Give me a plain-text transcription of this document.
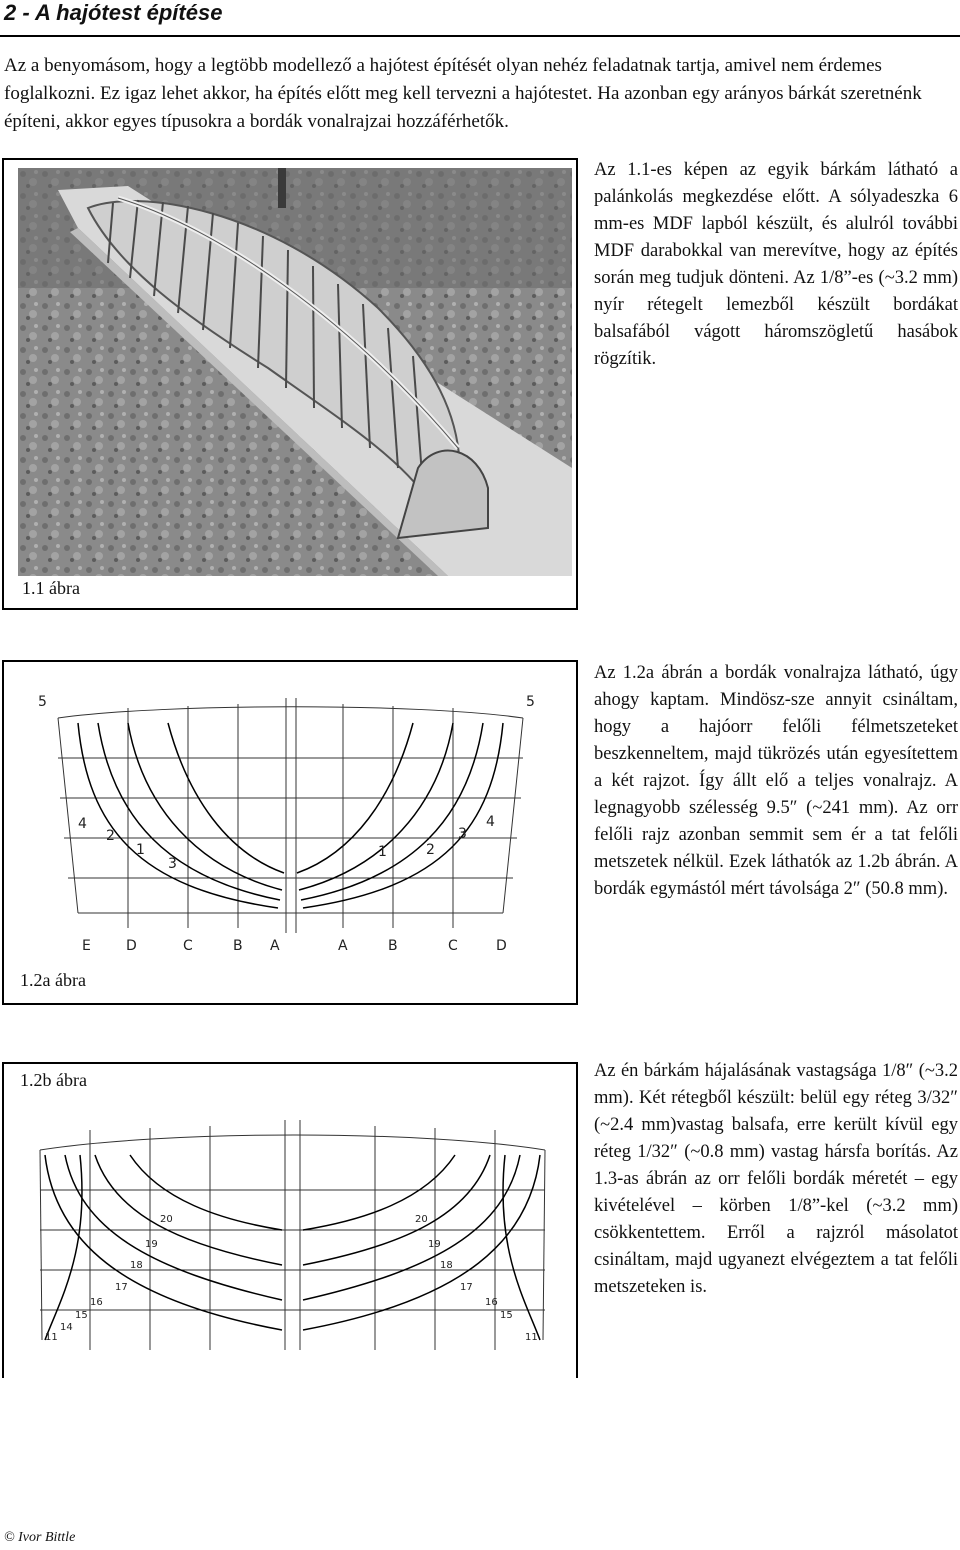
2 - A hajótest építése
Az a benyomásom, hogy a legtöbb modellező a hajótest építését olyan nehéz feladatnak tartja, amivel nem érdemes foglalkozni. Ez igaz lehet akkor, ha építés előtt meg kell tervezni a hajótestet. Ha azonban egy arányos bárkát szeretnénk építeni, akkor egyes típusokra a bordák vonalrajzai hozzáférhetők.
1.1 ábra
Az 1.1-es képen az egyik bárkám látható a palánkolás megkezdése előtt. A sólyadeszka 6 mm-es MDF lapból készült, és alulról további MDF darabokkal van merevítve, hogy az építés során meg tudjuk dönteni. Az 1/8”-es (~3.2 mm) nyír rétegelt lemezből készült bordákat balsafából vágott háromszögletű hasábok rögzítik.
5	5
E	D	C	B A	A	B	C	D
1
2
3
4
1	2
3
4
1.2a ábra
Az 1.2a ábrán a bordák vonalrajza látható, úgy ahogy kaptam. Mindösz-sze annyit csináltam, hogy a hajóorr felőli félmetszeteket beszkenneltem, majd tükrözés után egyesítettem a két rajzot. Így állt elő a teljes vonalrajz. A legnagyobb szélesség 9.5″ (~241 mm). Az orr felőli rajz azonban semmit sem ér a tat felőli metszetek nélkül. Ezek láthatók az 1.2b ábrán. A bordák egymástól mért távolsága 2″ (50.8 mm).
1.2b ábra
20
19
18
17
16
15
14
11
20
19
18
17
16
15
11
Az én bárkám hájalásának vastagsága 1/8″ (~3.2 mm). Két rétegből készült: belül egy réteg 3/32″ (~2.4 mm)vastag balsafa, erre került kívül egy réteg 1/32″ (~0.8 mm) vastag hársfa borítás. Az 1.3-as ábrán az orr felőli bordák méretét – egy kivételével – körben 1/8”-kel (~3.2 mm) csökkentettem. Erről a rajzról másolatot csináltam, majd ugyanezt elvégeztem a tat felőli metszeteken is.
© Ivor Bittle
